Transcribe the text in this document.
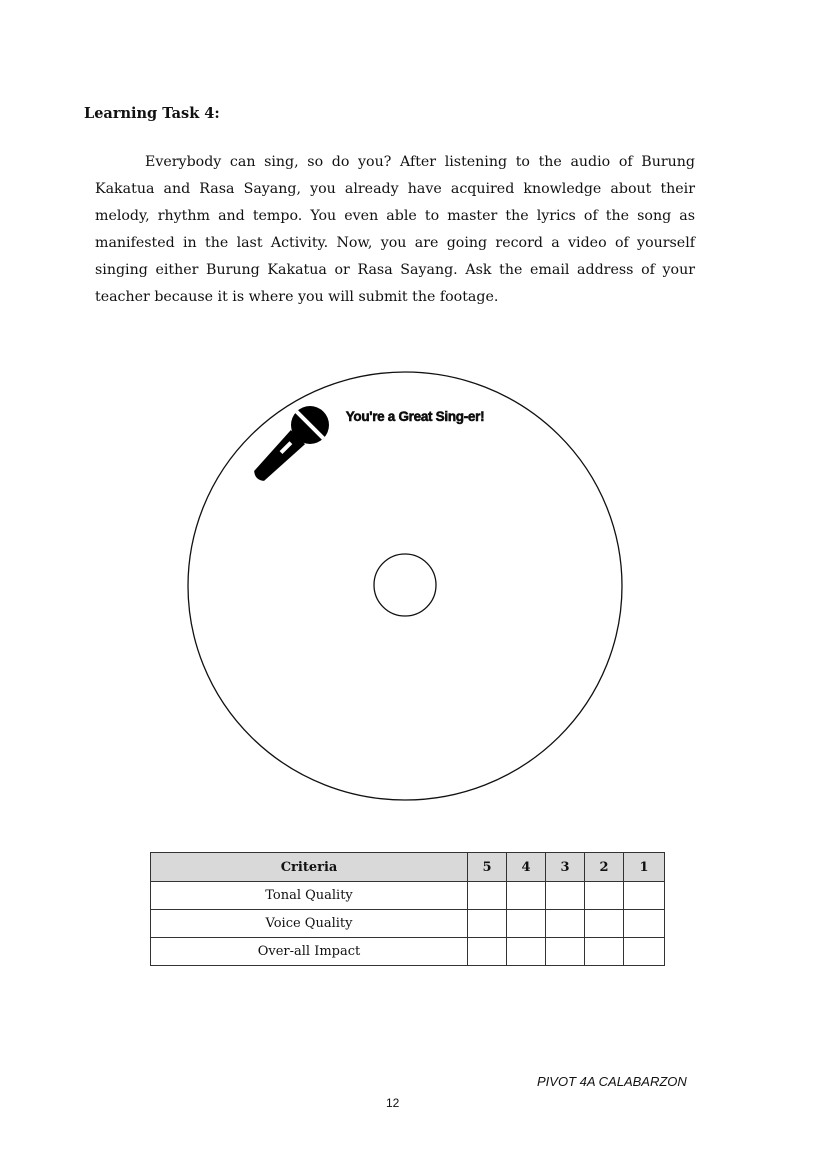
Learning Task 4:
Everybody can sing, so do you? After listening to the audio of Burung Kakatua and Rasa Sayang, you already have acquired knowledge about their melody, rhythm and tempo. You even able to master the lyrics of the song as manifested in the last Activity. Now, you are going record a video of yourself singing either Burung Kakatua or Rasa Sayang. Ask the email address of your teacher because it is where you will submit the footage.
You're a Great Sing-er!
Criteria	5	4	3	2	1
Tonal Quality					
Voice Quality					
Over-all Impact					
PIVOT 4A CALABARZON
12
